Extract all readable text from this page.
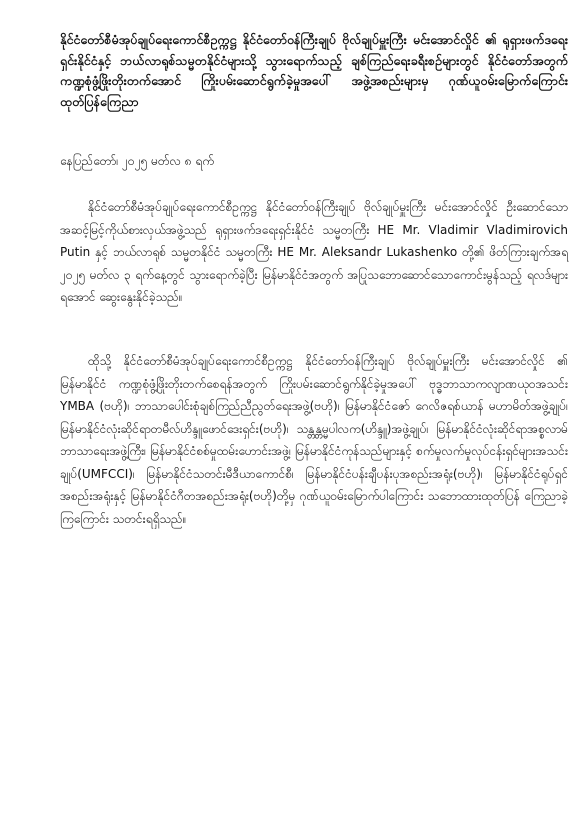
နိုင်ငံတော်စီမံအုပ်ချုပ်ရေးကောင်စီဥက္ကဋ္ဌ နိုင်ငံတော်ဝန်ကြီးချုပ် ဗိုလ်ချုပ်မှူးကြီး မင်းအောင်လှိုင် ၏ ရုရှားဖက်ဒရေးရှင်းနိုင်ငံနှင့် ဘယ်လာရုစ်သမ္မတနိုင်ငံများသို့ သွားရောက်သည့် ချစ်ကြည်ရေးခရီးစဉ်များတွင် နိုင်ငံတော်အတွက် ကဏ္ဍစုံဖွံ့ဖြိုးတိုးတက်အောင် ကြိုးပမ်းဆောင်ရွက်ခဲ့မှုအပေါ် အဖွဲ့အစည်းများမှ ဂုဏ်ယူဝမ်းမြောက်ကြောင်း ထုတ်ပြန်ကြေညာ
နေပြည်တော်၊ ၂၀၂၅ မတ်လ ၈ ရက်
နိုင်ငံတော်စီမံအုပ်ချုပ်ရေးကောင်စီဥက္ကဋ္ဌ နိုင်ငံတော်ဝန်ကြီးချုပ် ဗိုလ်ချုပ်မှူးကြီး မင်းအောင်လှိုင် ဦးဆောင်သော အဆင့်မြင့်ကိုယ်စားလှယ်အဖွဲ့သည် ရုရှားဖက်ဒရေးရှင်းနိုင်ငံ သမ္မတကြီး HE Mr. Vladimir Vladimirovich Putin နှင့် ဘယ်လာရုစ် သမ္မတနိုင်ငံ သမ္မတကြီး HE Mr. Aleksandr Lukashenko တို့၏ ဖိတ်ကြားချက်အရ ၂၀၂၅ မတ်လ ၃ ရက်နေ့တွင် သွားရောက်ခဲ့ပြီး မြန်မာနိုင်ငံအတွက် အပြုသဘောဆောင်သောကောင်းမွန်သည့် ရလဒ်များ ရအောင် ဆွေးနွေးနိုင်ခဲ့သည်။
ထိုသို့ နိုင်ငံတော်စီမံအုပ်ချုပ်ရေးကောင်စီဥက္ကဋ္ဌ နိုင်ငံတော်ဝန်ကြီးချုပ် ဗိုလ်ချုပ်မှူးကြီး မင်းအောင်လှိုင် ၏ မြန်မာနိုင်ငံ ကဏ္ဍစုံဖွံ့ဖြိုးတိုးတက်စေရန်အတွက် ကြိုးပမ်းဆောင်ရွက်နိုင်ခဲ့မှုအပေါ် ဗုဒ္ဓဘာသာကလျာဏယုဝအသင်း YMBA (ဗဟို)၊ ဘာသာပေါင်းစုံချစ်ကြည်ညီညွတ်ရေးအဖွဲ့(ဗဟို)၊ မြန်မာနိုင်ငံဇော် ဂေလိဇရစ်ယာန် မဟာမိတ်အဖွဲ့ချုပ်၊ မြန်မာနိုင်ငံလုံးဆိုင်ရာတမီလ်ဟိန္ဒူဖောင်ဒေးရှင်း(ဗဟို)၊ သန္တန္တမ္မပါလက(ဟိန္ဒူ)အဖွဲ့ချုပ်၊ မြန်မာနိုင်ငံလုံးဆိုင်ရာအစ္စလာမ်ဘာသာရေးအဖွဲ့ကြီး၊ မြန်မာနိုင်ငံစစ်မှုထမ်းဟောင်းအဖွဲ့၊ မြန်မာနိုင်ငံကုန်သည်များနှင့် စက်မှုလက်မှုလုပ်ငန်းရှင်များအသင်းချုပ်(UMFCCI)၊ မြန်မာနိုင်ငံသတင်းမီဒီယာကောင်စီ၊ မြန်မာနိုင်ငံပန်းချီပန်းပုအစည်းအရုံး(ဗဟို)၊ မြန်မာနိုင်ငံရုပ်ရှင်အစည်းအရုံးနှင့် မြန်မာနိုင်ငံဂီတအစည်းအရုံး(ဗဟို)တို့မှ ဂုဏ်ယူဝမ်းမြောက်ပါကြောင်း သဘောထားထုတ်ပြန် ကြေညာခဲ့ကြကြောင်း သတင်းရရှိသည်။
